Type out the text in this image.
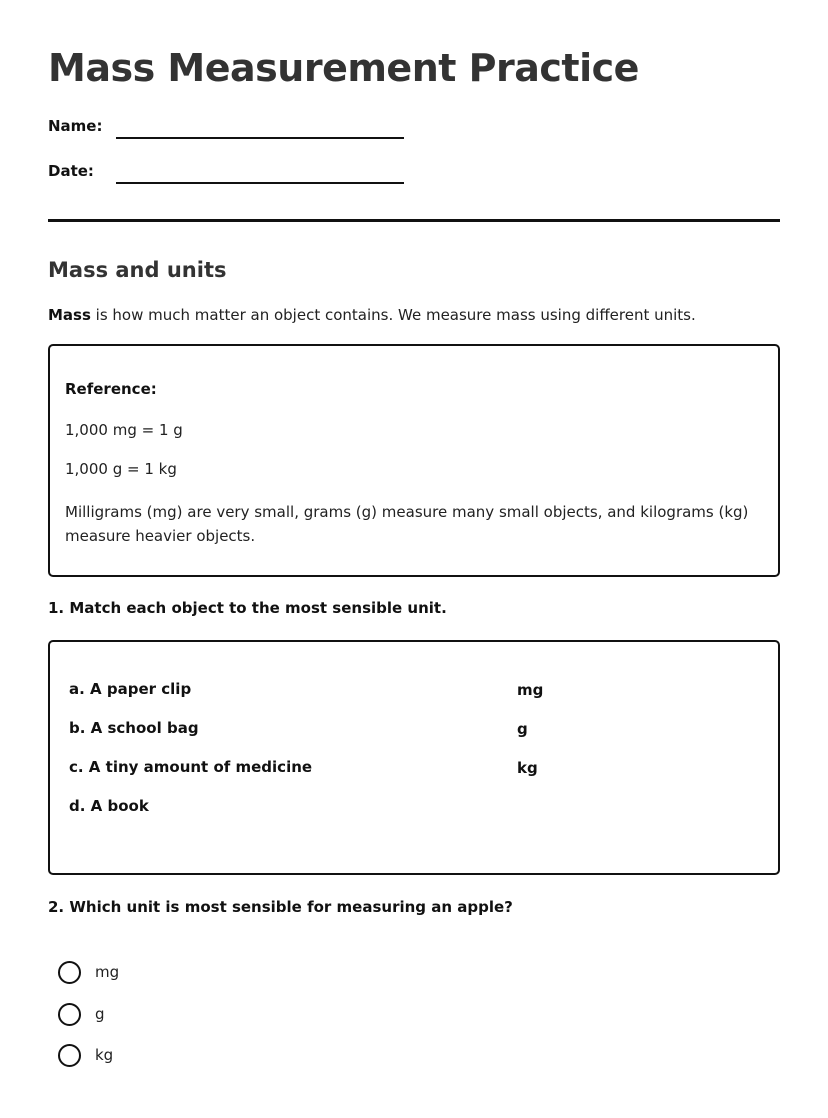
Mass Measurement Practice
Name:
Date:
Mass and units
Mass is how much matter an object contains. We measure mass using different units.
Reference:
1,000 mg = 1 g
1,000 g = 1 kg
Milligrams (mg) are very small, grams (g) measure many small objects, and kilograms (kg) measure heavier objects.
1. Match each object to the most sensible unit.
a. A paper clip
b. A school bag
c. A tiny amount of medicine
d. A book
mg
g
kg
2. Which unit is most sensible for measuring an apple?
mg
g
kg
